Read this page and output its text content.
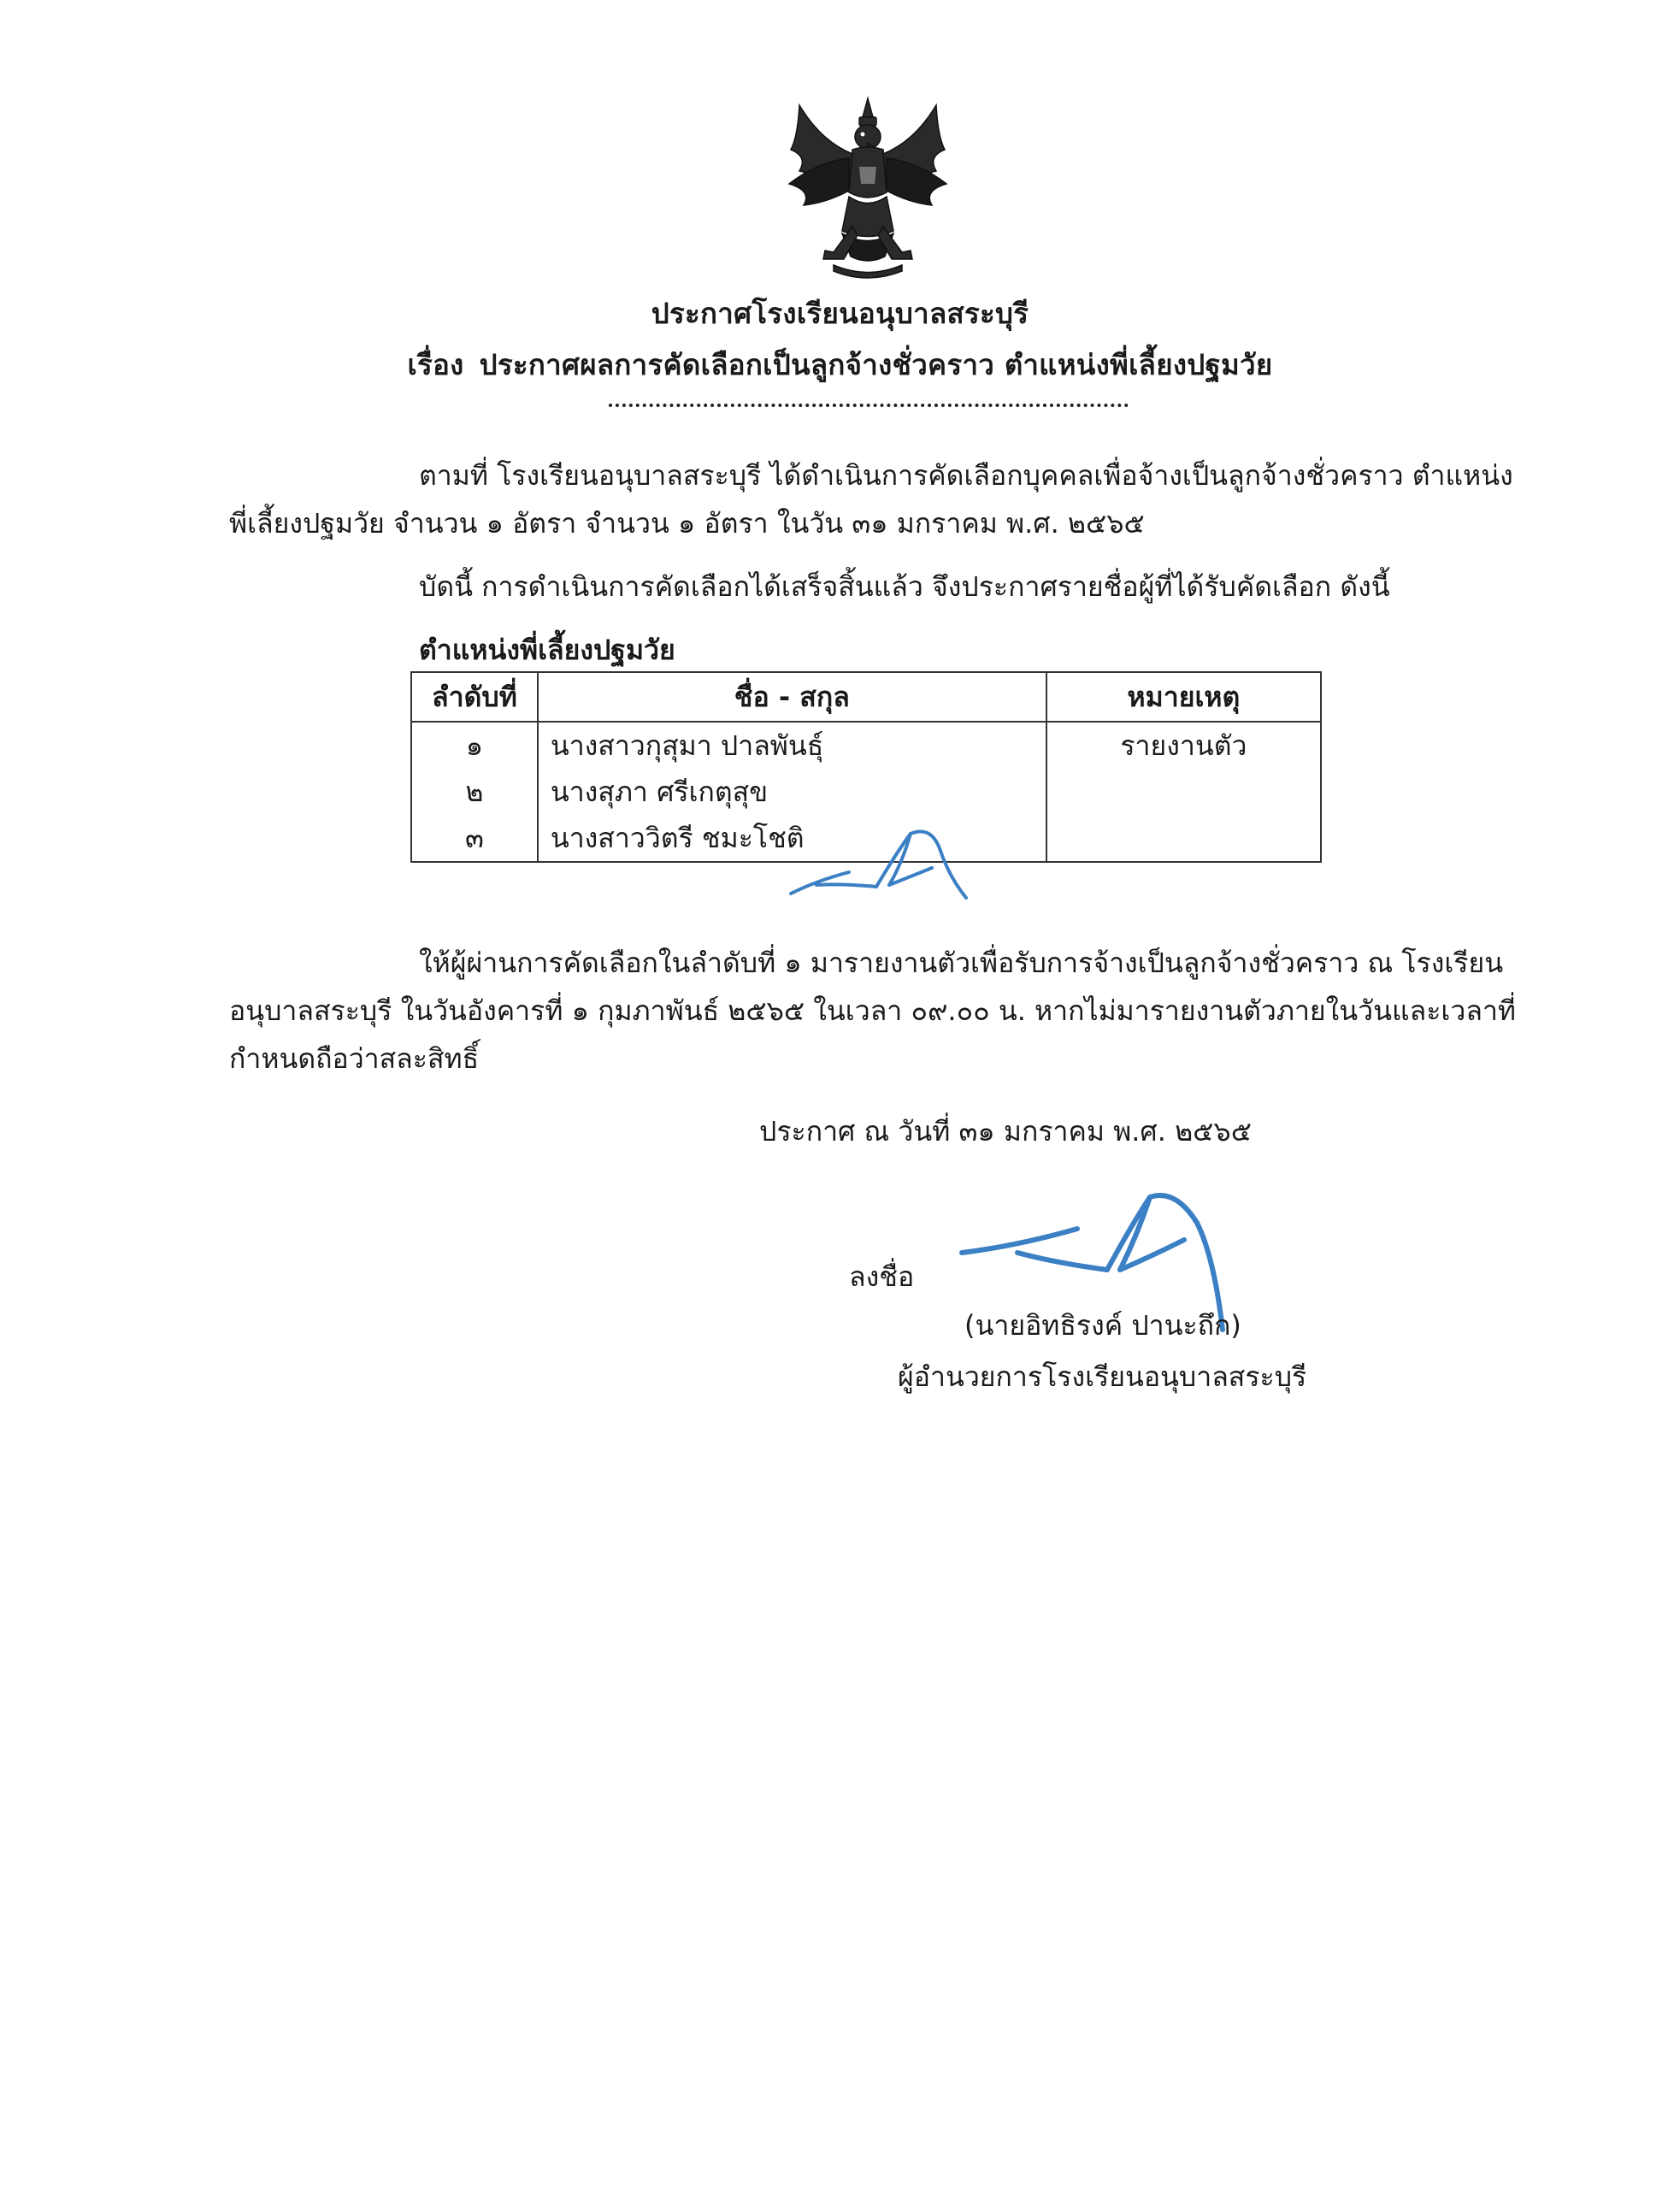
ประกาศโรงเรียนอนุบาลสระบุรี
เรื่อง ประกาศผลการคัดเลือกเป็นลูกจ้างชั่วคราว ตำแหน่งพี่เลี้ยงปฐมวัย
ตามที่ โรงเรียนอนุบาลสระบุรี ได้ดำเนินการคัดเลือกบุคคลเพื่อจ้างเป็นลูกจ้างชั่วคราว ตำแหน่ง
พี่เลี้ยงปฐมวัย จำนวน ๑ อัตรา จำนวน ๑ อัตรา ในวัน ๓๑ มกราคม พ.ศ. ๒๕๖๕
บัดนี้ การดำเนินการคัดเลือกได้เสร็จสิ้นแล้ว จึงประกาศรายชื่อผู้ที่ได้รับคัดเลือก ดังนี้
ตำแหน่งพี่เลี้ยงปฐมวัย
ลำดับที่	ชื่อ - สกุล	หมายเหตุ
๑	นางสาวกุสุมา ปาลพันธุ์	รายงานตัว
๒	นางสุภา ศรีเกตุสุข	
๓	นางสาววิตรี ชมะโชติ	
ให้ผู้ผ่านการคัดเลือกในลำดับที่ ๑ มารายงานตัวเพื่อรับการจ้างเป็นลูกจ้างชั่วคราว ณ โรงเรียน
อนุบาลสระบุรี ในวันอังคารที่ ๑ กุมภาพันธ์ ๒๕๖๕ ในเวลา ๐๙.๐๐ น. หากไม่มารายงานตัวภายในวันและเวลาที่
กำหนดถือว่าสละสิทธิ์
ประกาศ ณ วันที่ ๓๑ มกราคม พ.ศ. ๒๕๖๕
ลงชื่อ
(นายอิทธิรงค์ ปานะถึก)
ผู้อำนวยการโรงเรียนอนุบาลสระบุรี
